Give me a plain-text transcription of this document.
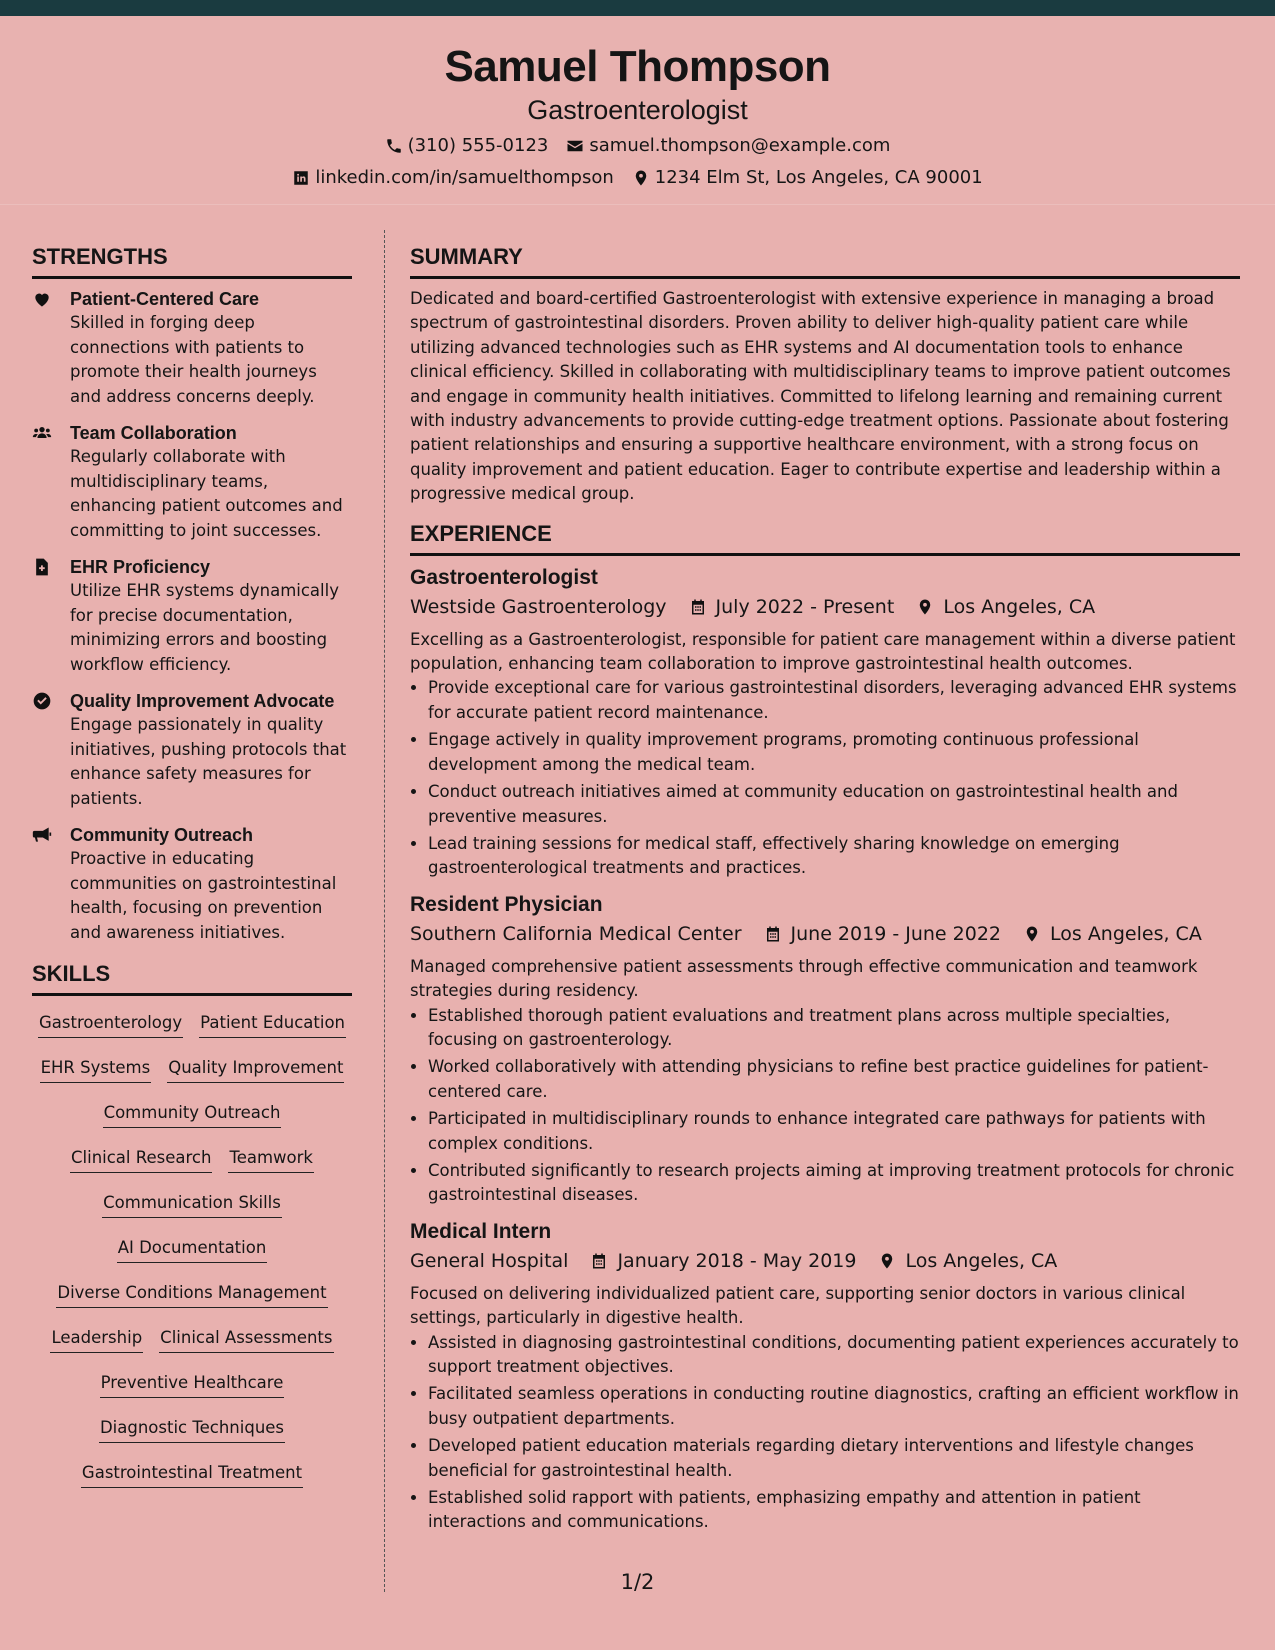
Samuel Thompson
Gastroenterologist
(310) 555-0123 samuel.thompson@example.com
linkedin.com/in/samuelthompson 1234 Elm St, Los Angeles, CA 90001
STRENGTHS
Patient-Centered Care
Skilled in forging deep connections with patients to promote their health journeys and address concerns deeply.
Team Collaboration
Regularly collaborate with multidisciplinary teams, enhancing patient outcomes and committing to joint successes.
EHR Proficiency
Utilize EHR systems dynamically for precise documentation, minimizing errors and boosting workflow efficiency.
Quality Improvement Advocate
Engage passionately in quality initiatives, pushing protocols that enhance safety measures for patients.
Community Outreach
Proactive in educating communities on gastrointestinal health, focusing on prevention and awareness initiatives.
SKILLS
Gastroenterology Patient Education
EHR Systems Quality Improvement
Community Outreach
Clinical Research Teamwork
Communication Skills
AI Documentation
Diverse Conditions Management
Leadership Clinical Assessments
Preventive Healthcare
Diagnostic Techniques
Gastrointestinal Treatment
SUMMARY
Dedicated and board-certified Gastroenterologist with extensive experience in managing a broad spectrum of gastrointestinal disorders. Proven ability to deliver high-quality patient care while utilizing advanced technologies such as EHR systems and AI documentation tools to enhance clinical efficiency. Skilled in collaborating with multidisciplinary teams to improve patient outcomes and engage in community health initiatives. Committed to lifelong learning and remaining current with industry advancements to provide cutting-edge treatment options. Passionate about fostering patient relationships and ensuring a supportive healthcare environment, with a strong focus on quality improvement and patient education. Eager to contribute expertise and leadership within a progressive medical group.
EXPERIENCE
Gastroenterologist
Westside Gastroenterology	July 2022 - Present	Los Angeles, CA
Excelling as a Gastroenterologist, responsible for patient care management within a diverse patient population, enhancing team collaboration to improve gastrointestinal health outcomes.
• Provide exceptional care for various gastrointestinal disorders, leveraging advanced EHR systems for accurate patient record maintenance.
• Engage actively in quality improvement programs, promoting continuous professional development among the medical team.
• Conduct outreach initiatives aimed at community education on gastrointestinal health and preventive measures.
• Lead training sessions for medical staff, effectively sharing knowledge on emerging gastroenterological treatments and practices.
Resident Physician
Southern California Medical Center	June 2019 - June 2022	Los Angeles, CA
Managed comprehensive patient assessments through effective communication and teamwork strategies during residency.
• Established thorough patient evaluations and treatment plans across multiple specialties, focusing on gastroenterology.
• Worked collaboratively with attending physicians to refine best practice guidelines for patient-centered care.
• Participated in multidisciplinary rounds to enhance integrated care pathways for patients with complex conditions.
• Contributed significantly to research projects aiming at improving treatment protocols for chronic gastrointestinal diseases.
Medical Intern
General Hospital	January 2018 - May 2019	Los Angeles, CA
Focused on delivering individualized patient care, supporting senior doctors in various clinical settings, particularly in digestive health.
• Assisted in diagnosing gastrointestinal conditions, documenting patient experiences accurately to support treatment objectives.
• Facilitated seamless operations in conducting routine diagnostics, crafting an efficient workflow in busy outpatient departments.
• Developed patient education materials regarding dietary interventions and lifestyle changes beneficial for gastrointestinal health.
• Established solid rapport with patients, emphasizing empathy and attention in patient interactions and communications.
1/2
